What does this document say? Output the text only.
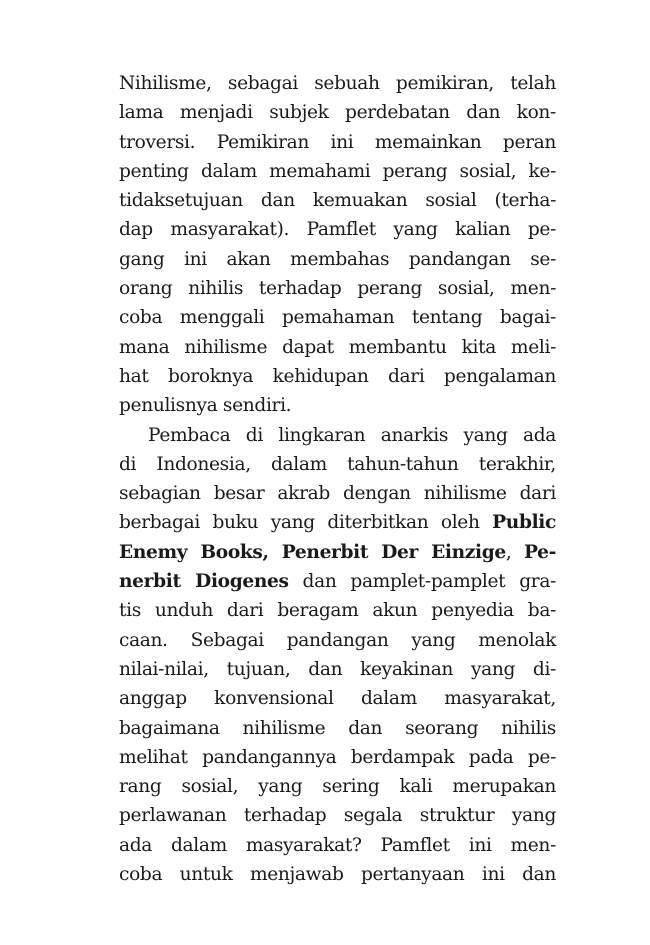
Nihilisme, sebagai sebuah pemikiran, telah
lama menjadi subjek perdebatan dan kon-
troversi. Pemikiran ini memainkan peran
penting dalam memahami perang sosial, ke-
tidaksetujuan dan kemuakan sosial (terha-
dap masyarakat). Pamflet yang kalian pe-
gang ini akan membahas pandangan se-
orang nihilis terhadap perang sosial, men-
coba menggali pemahaman tentang bagai-
mana nihilisme dapat membantu kita meli-
hat boroknya kehidupan dari pengalaman
penulisnya sendiri.
Pembaca di lingkaran anarkis yang ada
di Indonesia, dalam tahun-tahun terakhir,
sebagian besar akrab dengan nihilisme dari
berbagai buku yang diterbitkan oleh Public
Enemy Books, Penerbit Der Einzige, Pe-
nerbit Diogenes dan pamplet-pamplet gra-
tis unduh dari beragam akun penyedia ba-
caan. Sebagai pandangan yang menolak
nilai-nilai, tujuan, dan keyakinan yang di-
anggap konvensional dalam masyarakat,
bagaimana nihilisme dan seorang nihilis
melihat pandangannya berdampak pada pe-
rang sosial, yang sering kali merupakan
perlawanan terhadap segala struktur yang
ada dalam masyarakat? Pamflet ini men-
coba untuk menjawab pertanyaan ini dan
